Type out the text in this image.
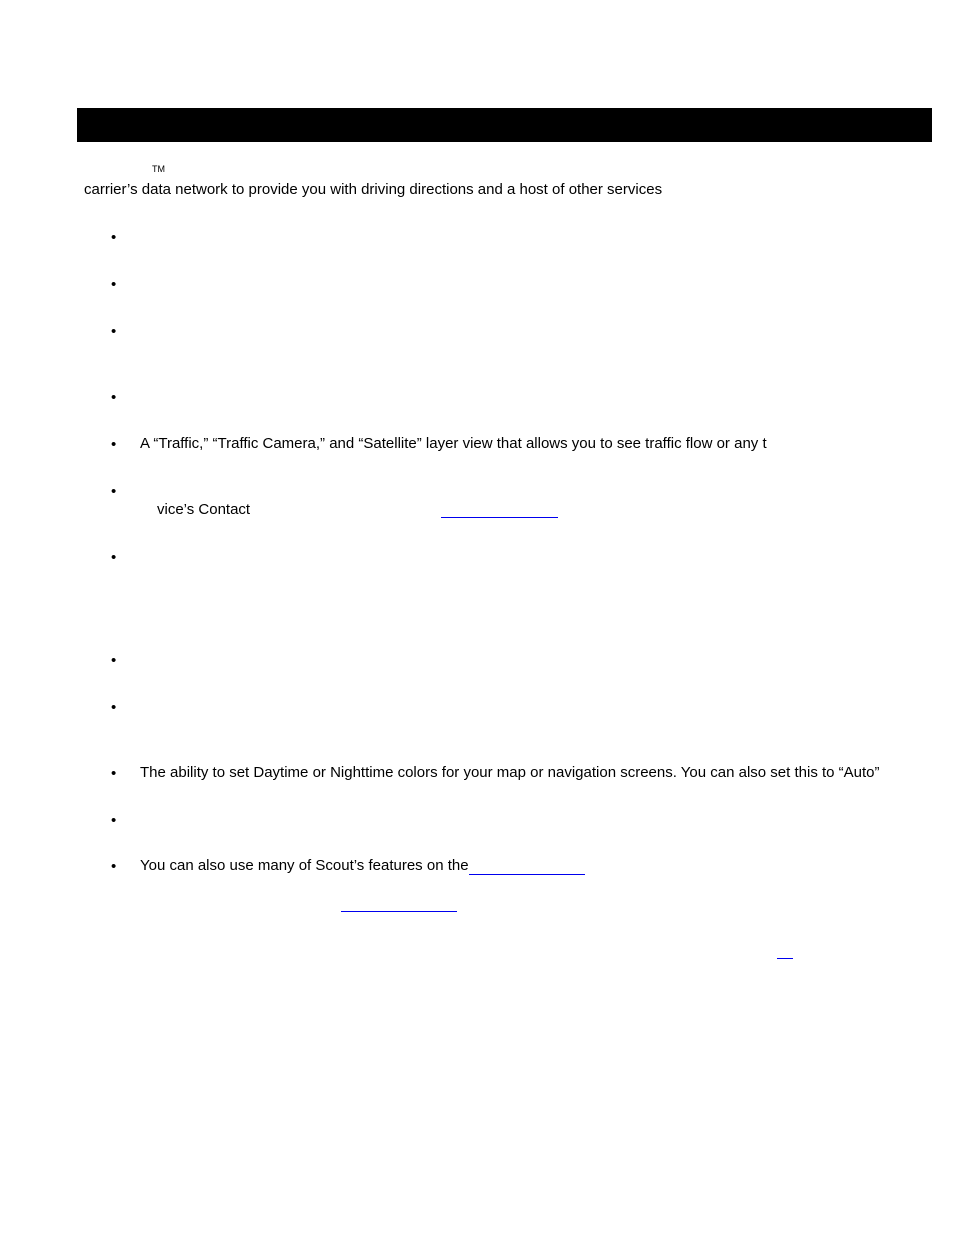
TM
carrier’s data network to provide you with driving directions and a host of other services
•
•
•
•
• A “Traffic,” “Traffic Camera,” and “Satellite” layer view that allows you to see traffic flow or any t
•
vice’s Contact
•
•
•
• The ability to set Daytime or Nighttime colors for your map or navigation screens. You can also set this to “Auto”
•
• You can also use many of Scout’s features on the
